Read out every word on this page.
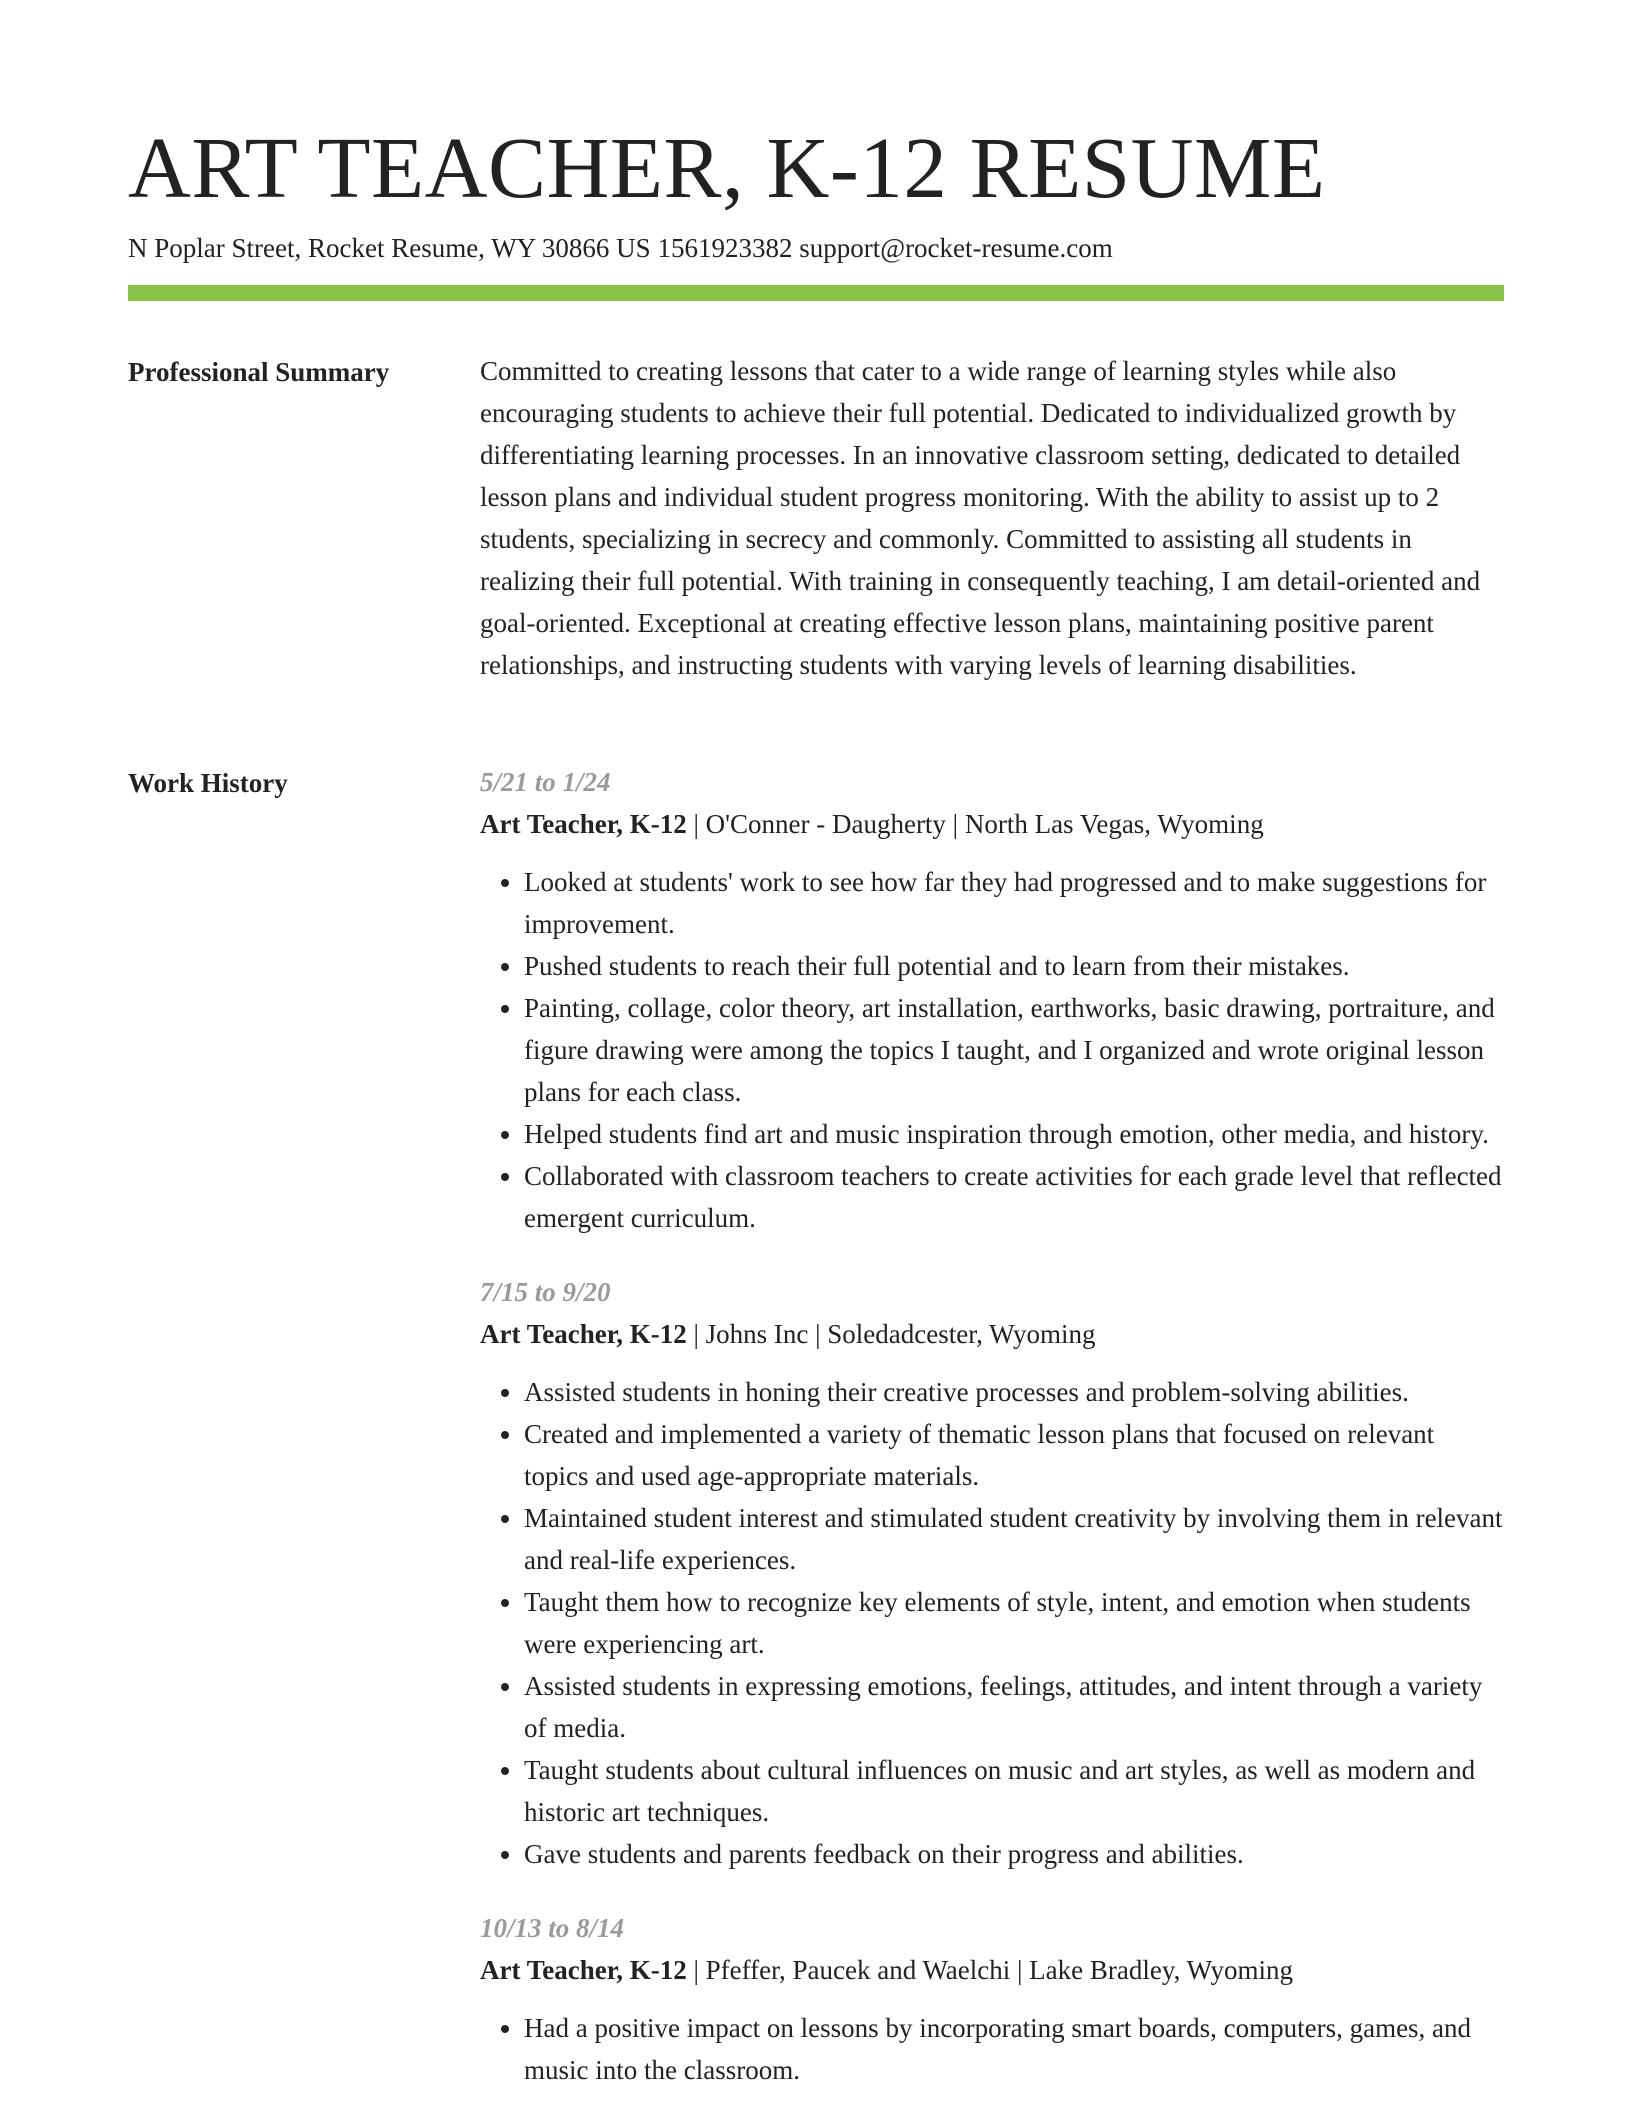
ART TEACHER, K-12 RESUME
N Poplar Street, Rocket Resume, WY 30866 US 1561923382 support@rocket-resume.com
Professional Summary	Committed to creating lessons that cater to a wide range of learning styles while also encouraging students to achieve their full potential. Dedicated to individualized growth by differentiating learning processes. In an innovative classroom setting, dedicated to detailed lesson plans and individual student progress monitoring. With the ability to assist up to 2 students, specializing in secrecy and commonly. Committed to assisting all students in realizing their full potential. With training in consequently teaching, I am detail-oriented and goal-oriented. Exceptional at creating effective lesson plans, maintaining positive parent relationships, and instructing students with varying levels of learning disabilities.

Work History	5/21 to 1/24
Art Teacher, K-12 | O'Conner - Daugherty | North Las Vegas, Wyoming
• Looked at students' work to see how far they had progressed and to make suggestions for improvement.
• Pushed students to reach their full potential and to learn from their mistakes.
• Painting, collage, color theory, art installation, earthworks, basic drawing, portraiture, and figure drawing were among the topics I taught, and I organized and wrote original lesson plans for each class.
• Helped students find art and music inspiration through emotion, other media, and history.
• Collaborated with classroom teachers to create activities for each grade level that reflected emergent curriculum.
7/15 to 9/20
Art Teacher, K-12 | Johns Inc | Soledadcester, Wyoming
• Assisted students in honing their creative processes and problem-solving abilities.
• Created and implemented a variety of thematic lesson plans that focused on relevant topics and used age-appropriate materials.
• Maintained student interest and stimulated student creativity by involving them in relevant and real-life experiences.
• Taught them how to recognize key elements of style, intent, and emotion when students were experiencing art.
• Assisted students in expressing emotions, feelings, attitudes, and intent through a variety of media.
• Taught students about cultural influences on music and art styles, as well as modern and historic art techniques.
• Gave students and parents feedback on their progress and abilities.
10/13 to 8/14
Art Teacher, K-12 | Pfeffer, Paucek and Waelchi | Lake Bradley, Wyoming
• Had a positive impact on lessons by incorporating smart boards, computers, games, and music into the classroom.
